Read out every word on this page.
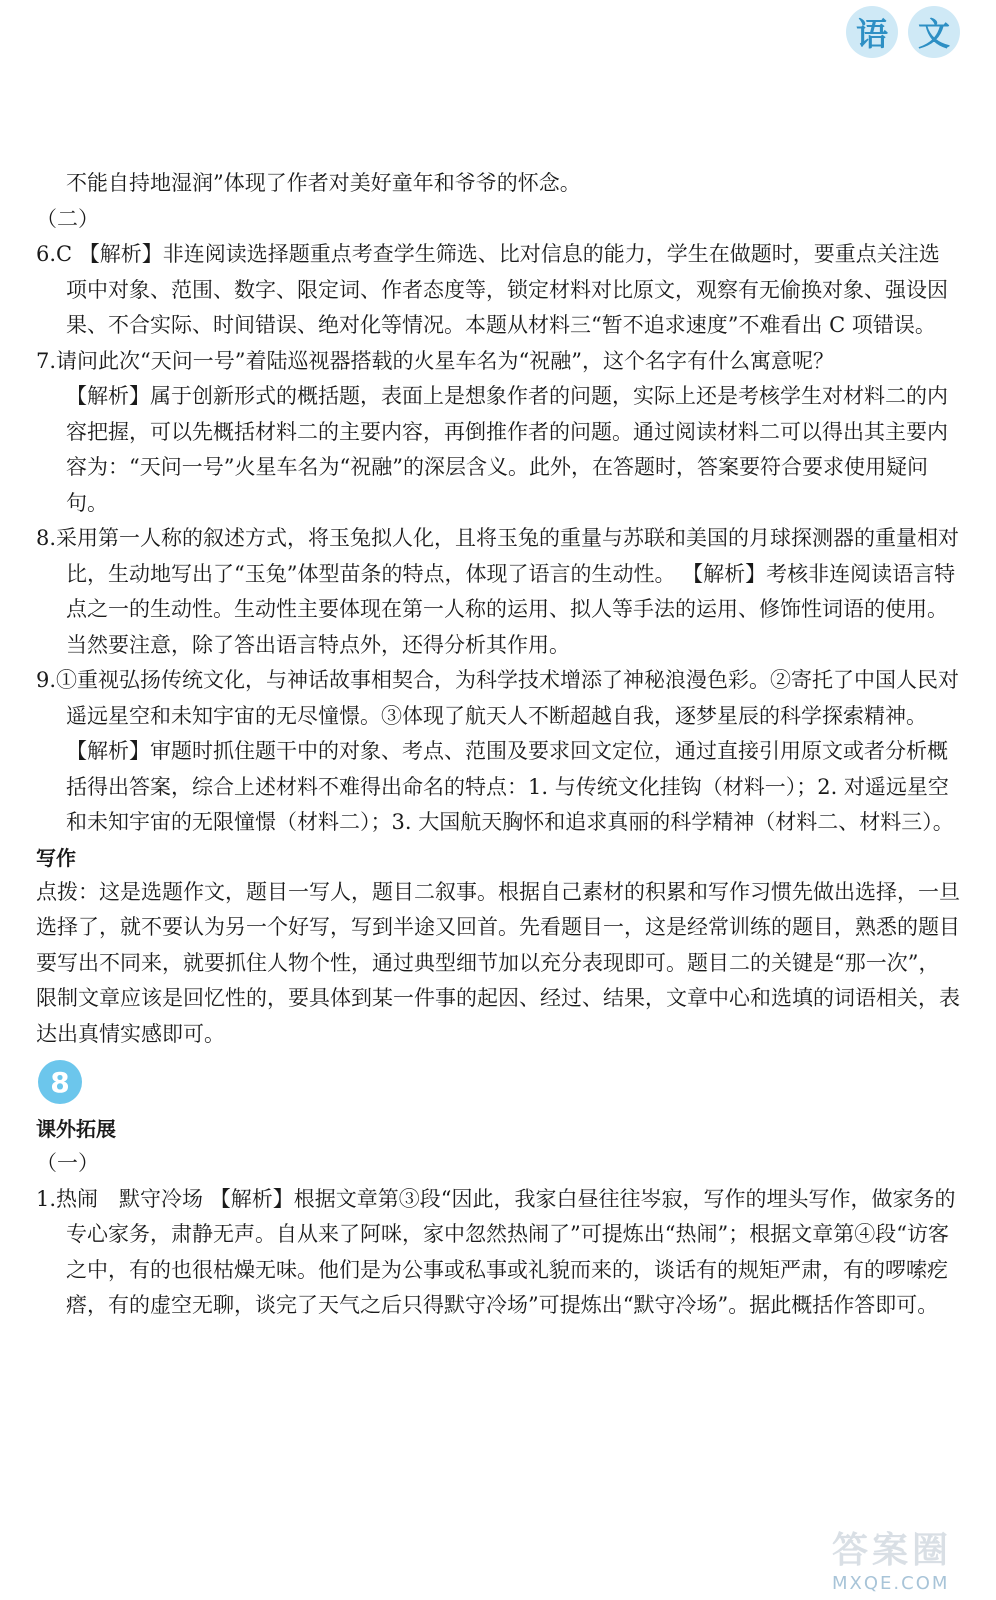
语 文

不能自持地湿润”体现了作者对美好童年和爷爷的怀念。

（二）

6.C 【解析】非连阅读选择题重点考查学生筛选、比对信息的能力，学生在做题时，要重点关注选项中对象、范围、数字、限定词、作者态度等，锁定材料对比原文，观察有无偷换对象、强设因果、不合实际、时间错误、绝对化等情况。本题从材料三“暂不追求速度”不难看出 C 项错误。

7.请问此次“天问一号”着陆巡视器搭载的火星车名为“祝融”，这个名字有什么寓意呢？

【解析】属于创新形式的概括题，表面上是想象作者的问题，实际上还是考核学生对材料二的内容把握，可以先概括材料二的主要内容，再倒推作者的问题。通过阅读材料二可以得出其主要内容为：“天问一号”火星车名为“祝融”的深层含义。此外，在答题时，答案要符合要求使用疑问句。

8.采用第一人称的叙述方式，将玉兔拟人化，且将玉兔的重量与苏联和美国的月球探测器的重量相对比，生动地写出了“玉兔”体型苗条的特点，体现了语言的生动性。 【解析】考核非连阅读语言特点之一的生动性。生动性主要体现在第一人称的运用、拟人等手法的运用、修饰性词语的使用。当然要注意，除了答出语言特点外，还得分析其作用。

9.①重视弘扬传统文化，与神话故事相契合，为科学技术增添了神秘浪漫色彩。②寄托了中国人民对遥远星空和未知宇宙的无尽憧憬。③体现了航天人不断超越自我，逐梦星辰的科学探索精神。 【解析】审题时抓住题干中的对象、考点、范围及要求回文定位，通过直接引用原文或者分析概括得出答案，综合上述材料不难得出命名的特点：1. 与传统文化挂钩（材料一）；2. 对遥远星空和未知宇宙的无限憧憬（材料二）；3. 大国航天胸怀和追求真丽的科学精神（材料二、材料三）。

写作

点拨：这是选题作文，题目一写人，题目二叙事。根据自己素材的积累和写作习惯先做出选择，一旦选择了，就不要认为另一个好写，写到半途又回首。先看题目一，这是经常训练的题目，熟悉的题目要写出不同来，就要抓住人物个性，通过典型细节加以充分表现即可。题目二的关键是“那一次”，限制文章应该是回忆性的，要具体到某一件事的起因、经过、结果，文章中心和选填的词语相关，表达出真情实感即可。

8
课外拓展

（一）

1.热闹　默守冷场 【解析】根据文章第③段“因此，我家白昼往往岑寂，写作的埋头写作，做家务的专心家务，肃静无声。自从来了阿咪，家中忽然热闹了”可提炼出“热闹”；根据文章第④段“访客之中，有的也很枯燥无味。他们是为公事或私事或礼貌而来的，谈话有的规矩严肃，有的啰嗦疙瘩，有的虚空无聊，谈完了天气之后只得默守冷场”可提炼出“默守冷场”。据此概括作答即可。

答案圈
MXQE.COM
